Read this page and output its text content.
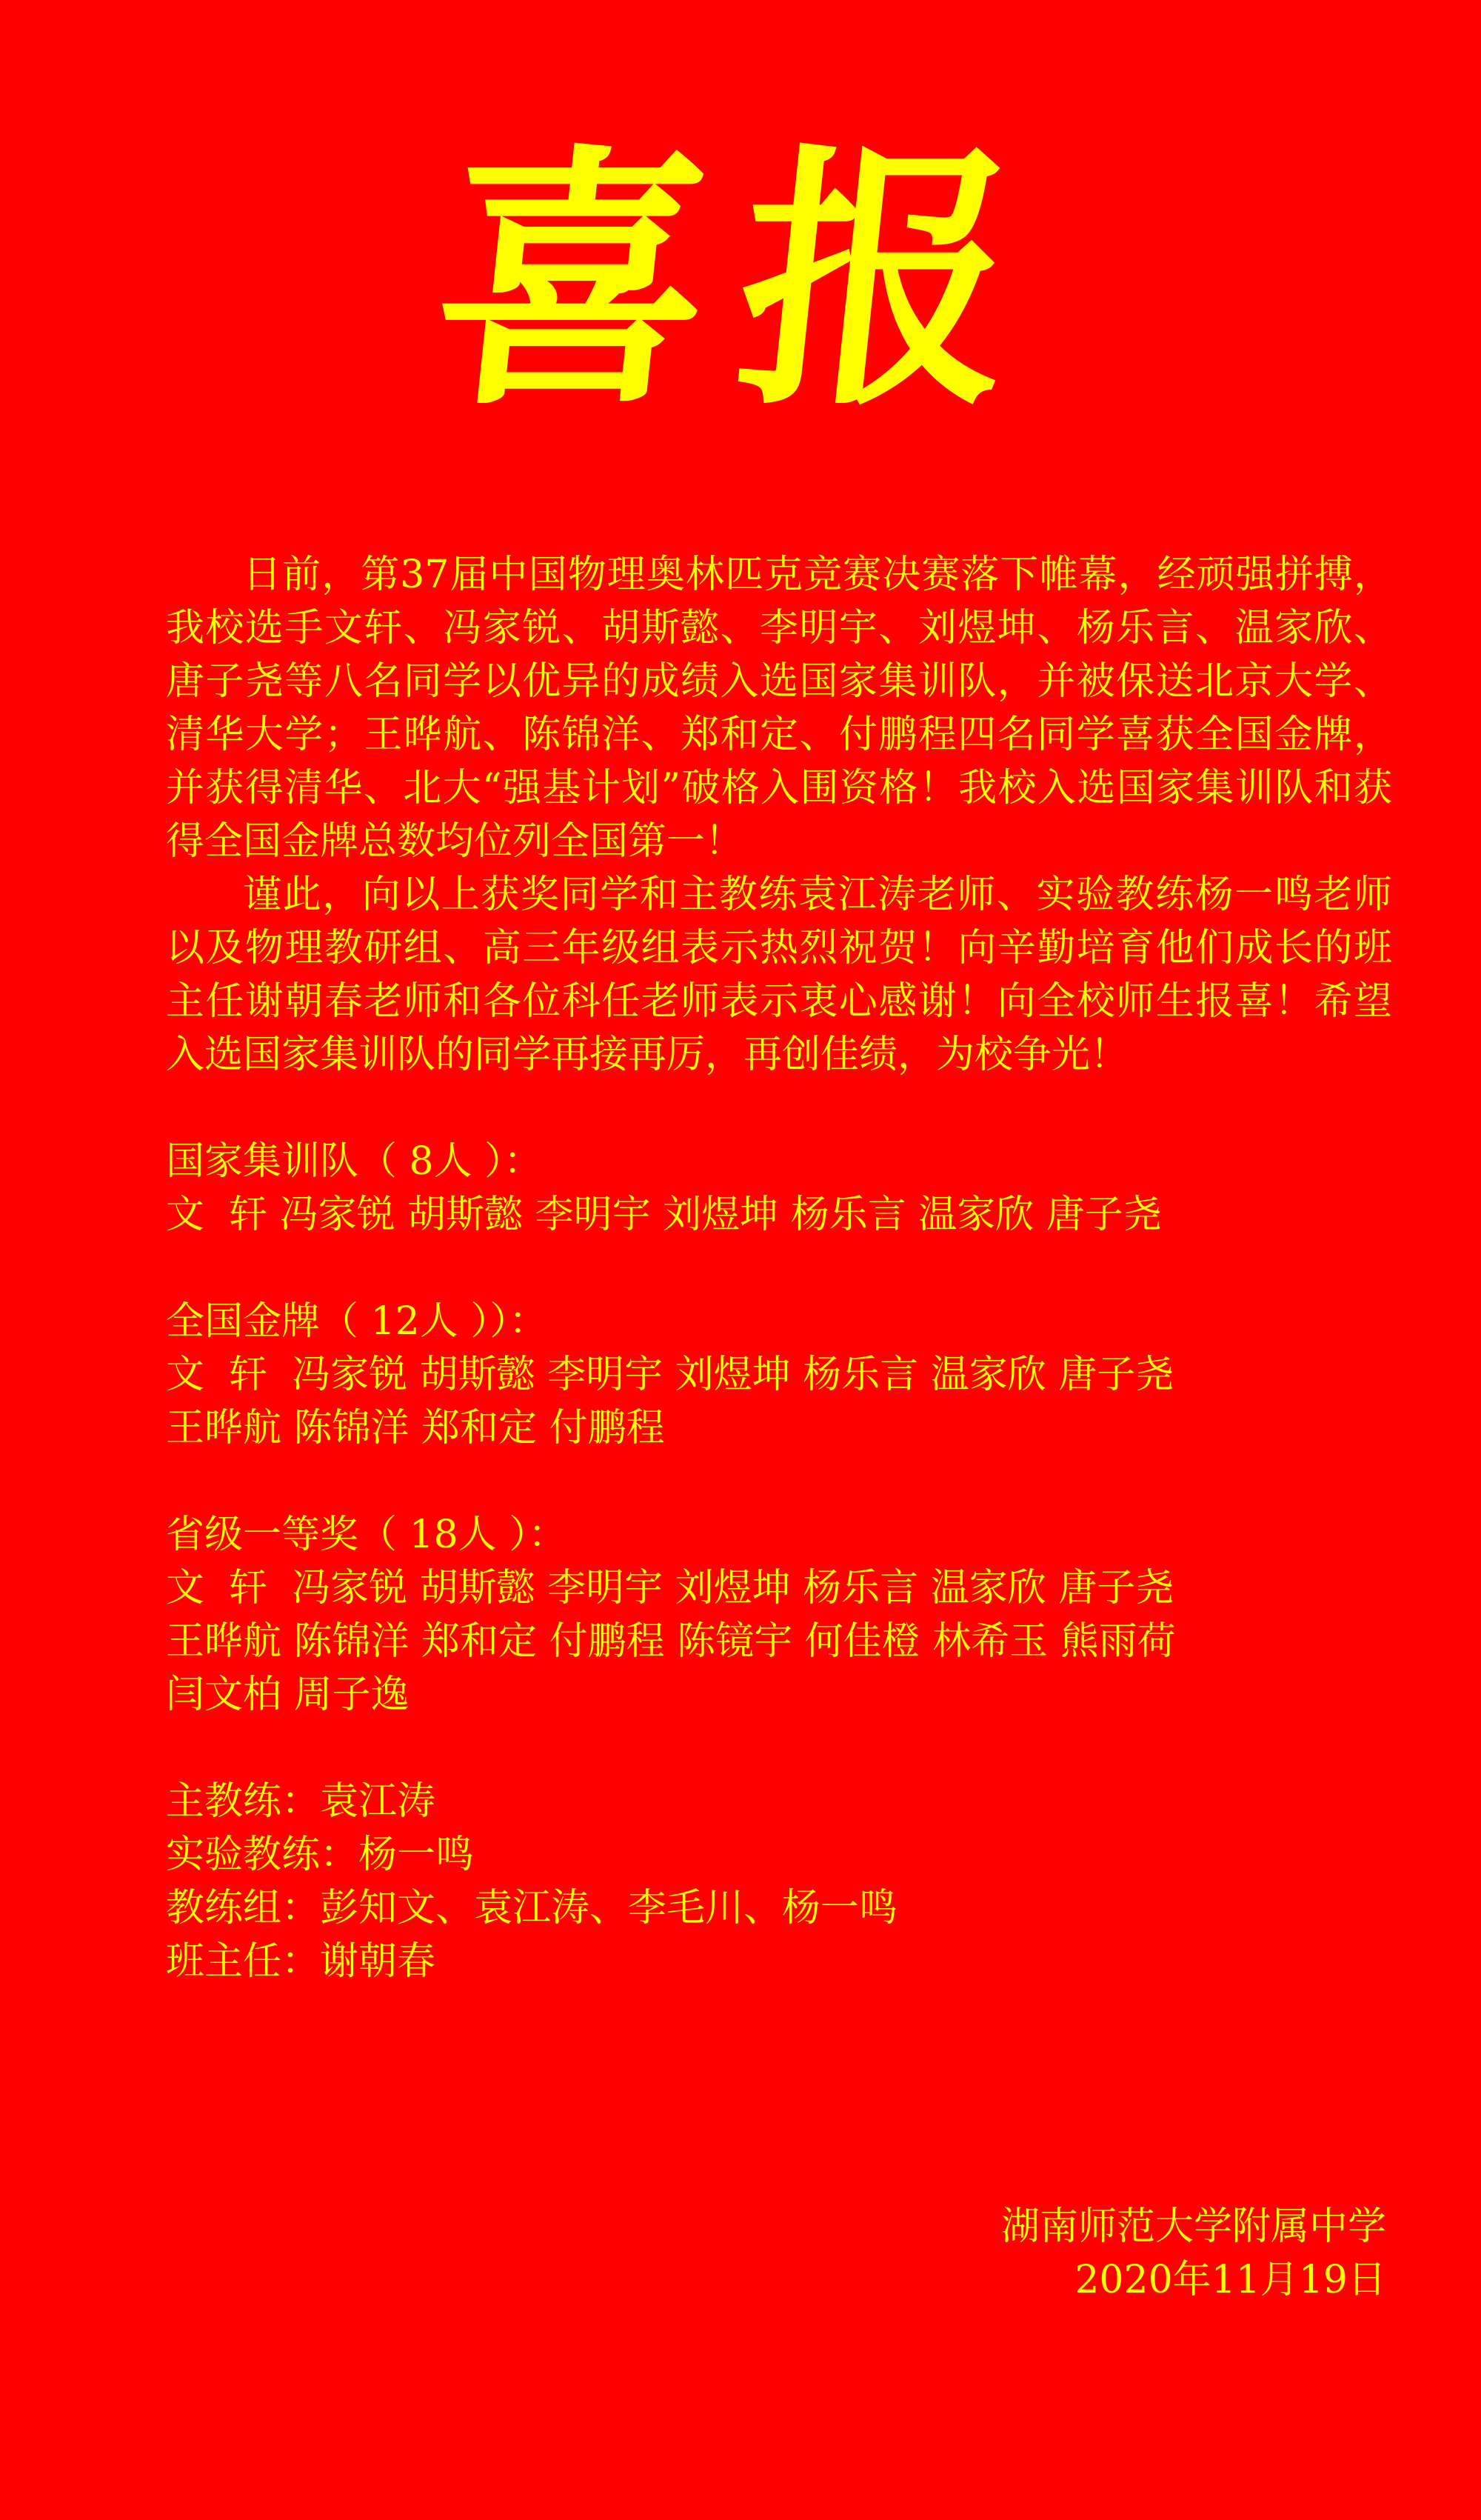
喜报

日前，第37届中国物理奥林匹克竞赛决赛落下帷幕，经顽强拼搏，我校选手文轩、冯家锐、胡斯懿、李明宇、刘煜坤、杨乐言、温家欣、唐子尧等八名同学以优异的成绩入选国家集训队，并被保送北京大学、清华大学；王晔航、陈锦洋、郑和定、付鹏程四名同学喜获全国金牌，并获得清华、北大“强基计划”破格入围资格！我校入选国家集训队和获得全国金牌总数均位列全国第一！

谨此，向以上获奖同学和主教练袁江涛老师、实验教练杨一鸣老师以及物理教研组、高三年级组表示热烈祝贺！向辛勤培育他们成长的班主任谢朝春老师和各位科任老师表示衷心感谢！向全校师生报喜！希望入选国家集训队的同学再接再厉，再创佳绩，为校争光！

国家集训队（ 8人 ）：

文  轩 冯家锐 胡斯懿 李明宇 刘煜坤 杨乐言 温家欣 唐子尧

全国金牌（ 12人 ））：

文  轩  冯家锐 胡斯懿 李明宇 刘煜坤 杨乐言 温家欣 唐子尧

王晔航 陈锦洋 郑和定 付鹏程

省级一等奖（ 18人 ）：

文  轩  冯家锐 胡斯懿 李明宇 刘煜坤 杨乐言 温家欣 唐子尧

王晔航 陈锦洋 郑和定 付鹏程 陈镜宇 何佳橙 林希玉 熊雨荷

闫文柏 周子逸

主教练：袁江涛

实验教练：杨一鸣

教练组：彭知文、袁江涛、李毛川、杨一鸣

班主任：谢朝春

湖南师范大学附属中学
2020年11月19日
